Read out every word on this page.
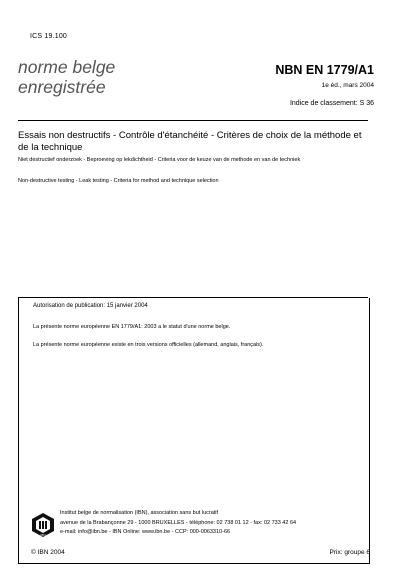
ICS 19.100
norme belge
enregistrée
NBN EN 1779/A1
1e éd., mars 2004
Indice de classement: S 36
Essais non destructifs - Contrôle d'étanchéité - Critères de choix de la méthode et de la technique
Niet destructief onderzoek - Beproeving op lekdichtheid - Criteria voor de keuze van de methode en van de techniek
Non-destructive testing - Leak testing - Criteria for method and technique selection
Autorisation de publication: 15 janvier 2004
La présente norme européenne EN 1779/A1: 2003 a le statut d'une norme belge.
La présente norme européenne existe en trois versions officielles (allemand, anglais, français).
IBN
Institut belge de normalisation (IBN), association sans but lucratif
avenue de la Brabançonne 29 - 1000 BRUXELLES - téléphone: 02 738 01 12 - fax: 02 733 42 64
e-mail: info@ibn.be - IBN Online: www.ibn.be - CCP: 000-0063310-66
© IBN 2004	Prix: groupe 6
